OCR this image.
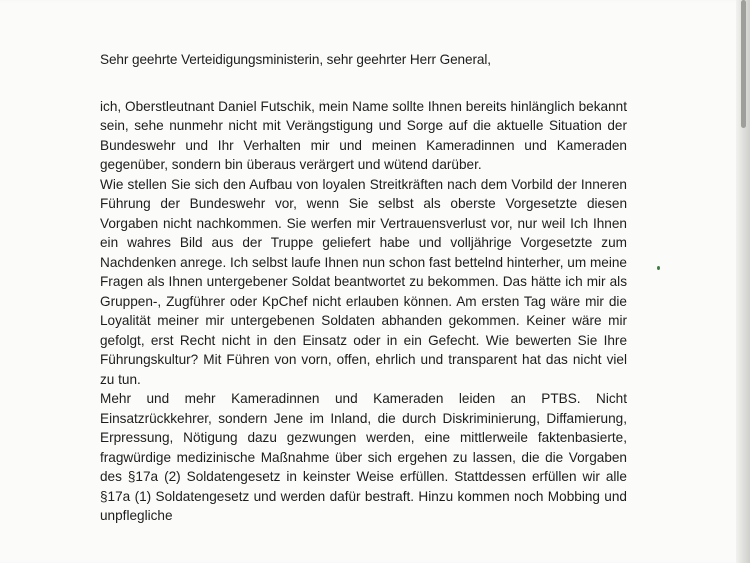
Sehr geehrte Verteidigungsministerin, sehr geehrter Herr General,

ich, Oberstleutnant Daniel Futschik, mein Name sollte Ihnen bereits hinlänglich bekannt sein, sehe nunmehr nicht mit Verängstigung und Sorge auf die aktuelle Situation der Bundeswehr und Ihr Verhalten mir und meinen Kameradinnen und Kameraden gegenüber, sondern bin überaus verärgert und wütend darüber.

Wie stellen Sie sich den Aufbau von loyalen Streitkräften nach dem Vorbild der Inneren Führung der Bundeswehr vor, wenn Sie selbst als oberste Vorgesetzte diesen Vorgaben nicht nachkommen. Sie werfen mir Vertrauensverlust vor, nur weil Ich Ihnen ein wahres Bild aus der Truppe geliefert habe und volljährige Vorgesetzte zum Nachdenken anrege. Ich selbst laufe Ihnen nun schon fast bettelnd hinterher, um meine Fragen als Ihnen untergebener Soldat beantwortet zu bekommen. Das hätte ich mir als Gruppen-, Zugführer oder KpChef nicht erlauben können. Am ersten Tag wäre mir die Loyalität meiner mir untergebenen Soldaten abhanden gekommen. Keiner wäre mir gefolgt, erst Recht nicht in den Einsatz oder in ein Gefecht. Wie bewerten Sie Ihre Führungskultur? Mit Führen von vorn, offen, ehrlich und transparent hat das nicht viel zu tun.

Mehr und mehr Kameradinnen und Kameraden leiden an PTBS. Nicht Einsatzrückkehrer, sondern Jene im Inland, die durch Diskriminierung, Diffamierung, Erpressung, Nötigung dazu gezwungen werden, eine mittlerweile faktenbasierte, fragwürdige medizinische Maßnahme über sich ergehen zu lassen, die die Vorgaben des §17a (2) Soldatengesetz in keinster Weise erfüllen. Stattdessen erfüllen wir alle §17a (1) Soldatengesetz und werden dafür bestraft. Hinzu kommen noch Mobbing und unpflegliche
